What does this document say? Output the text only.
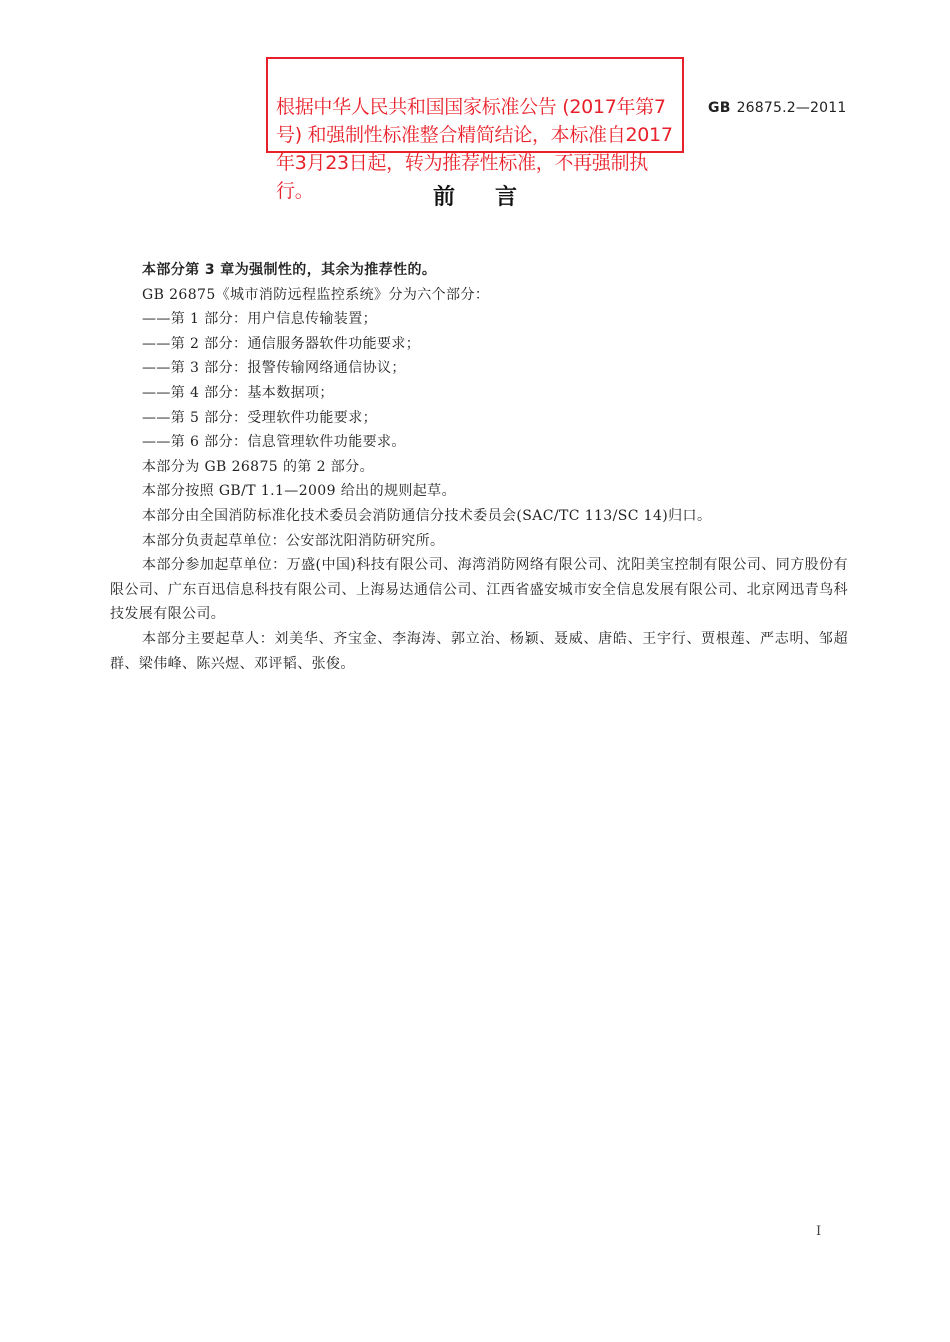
根据中华人民共和国国家标准公告 (2017年第7号) 和强制性标准整合精简结论，本标准自2017年3月23日起，转为推荐性标准，不再强制执行。

GB 26875.2—2011
前言

本部分第 3 章为强制性的，其余为推荐性的。

GB 26875《城市消防远程监控系统》分为六个部分：

——第 1 部分：用户信息传输装置；

——第 2 部分：通信服务器软件功能要求；

——第 3 部分：报警传输网络通信协议；

——第 4 部分：基本数据项；

——第 5 部分：受理软件功能要求；

——第 6 部分：信息管理软件功能要求。

本部分为 GB 26875 的第 2 部分。

本部分按照 GB/T 1.1—2009 给出的规则起草。

本部分由全国消防标准化技术委员会消防通信分技术委员会(SAC/TC 113/SC 14)归口。

本部分负责起草单位：公安部沈阳消防研究所。

本部分参加起草单位：万盛(中国)科技有限公司、海湾消防网络有限公司、沈阳美宝控制有限公司、同方股份有限公司、广东百迅信息科技有限公司、上海易达通信公司、江西省盛安城市安全信息发展有限公司、北京网迅青鸟科技发展有限公司。

本部分主要起草人：刘美华、齐宝金、李海涛、郭立治、杨颖、聂威、唐皓、王宇行、贾根莲、严志明、邹超群、梁伟峰、陈兴煜、邓评韬、张俊。

I
